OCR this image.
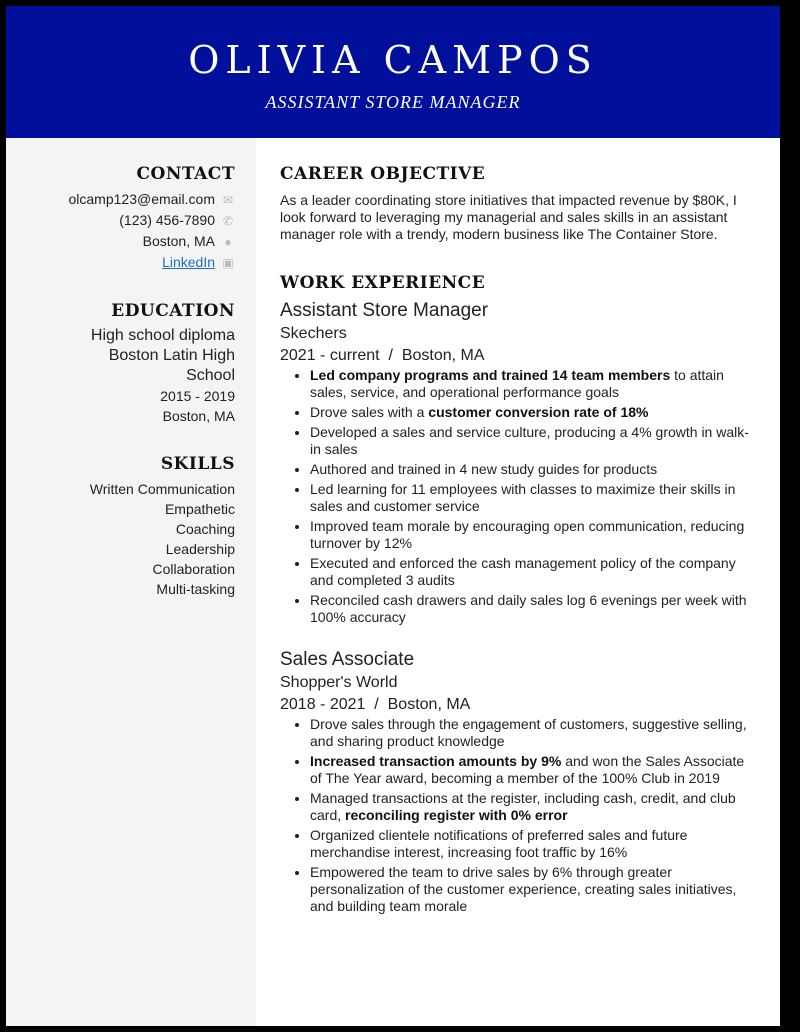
OLIVIA CAMPOS
ASSISTANT STORE MANAGER
CONTACT
olcamp123@email.com ✉
(123) 456-7890 ✆
Boston, MA ●
LinkedIn ▣
EDUCATION
High school diploma
Boston Latin High School
2015 - 2019
Boston, MA
SKILLS
Written Communication
Empathetic
Coaching
Leadership
Collaboration
Multi-tasking
CAREER OBJECTIVE
As a leader coordinating store initiatives that impacted revenue by $80K, I look forward to leveraging my managerial and sales skills in an assistant manager role with a trendy, modern business like The Container Store.
WORK EXPERIENCE
Assistant Store Manager
Skechers
2021 - current  /  Boston, MA
• Led company programs and trained 14 team members to attain sales, service, and operational performance goals
• Drove sales with a customer conversion rate of 18%
• Developed a sales and service culture, producing a 4% growth in walk-in sales
• Authored and trained in 4 new study guides for products
• Led learning for 11 employees with classes to maximize their skills in sales and customer service
• Improved team morale by encouraging open communication, reducing turnover by 12%
• Executed and enforced the cash management policy of the company and completed 3 audits
• Reconciled cash drawers and daily sales log 6 evenings per week with 100% accuracy
Sales Associate
Shopper's World
2018 - 2021  /  Boston, MA
• Drove sales through the engagement of customers, suggestive selling, and sharing product knowledge
• Increased transaction amounts by 9% and won the Sales Associate of The Year award, becoming a member of the 100% Club in 2019
• Managed transactions at the register, including cash, credit, and club card, reconciling register with 0% error
• Organized clientele notifications of preferred sales and future merchandise interest, increasing foot traffic by 16%
• Empowered the team to drive sales by 6% through greater personalization of the customer experience, creating sales initiatives, and building team morale
